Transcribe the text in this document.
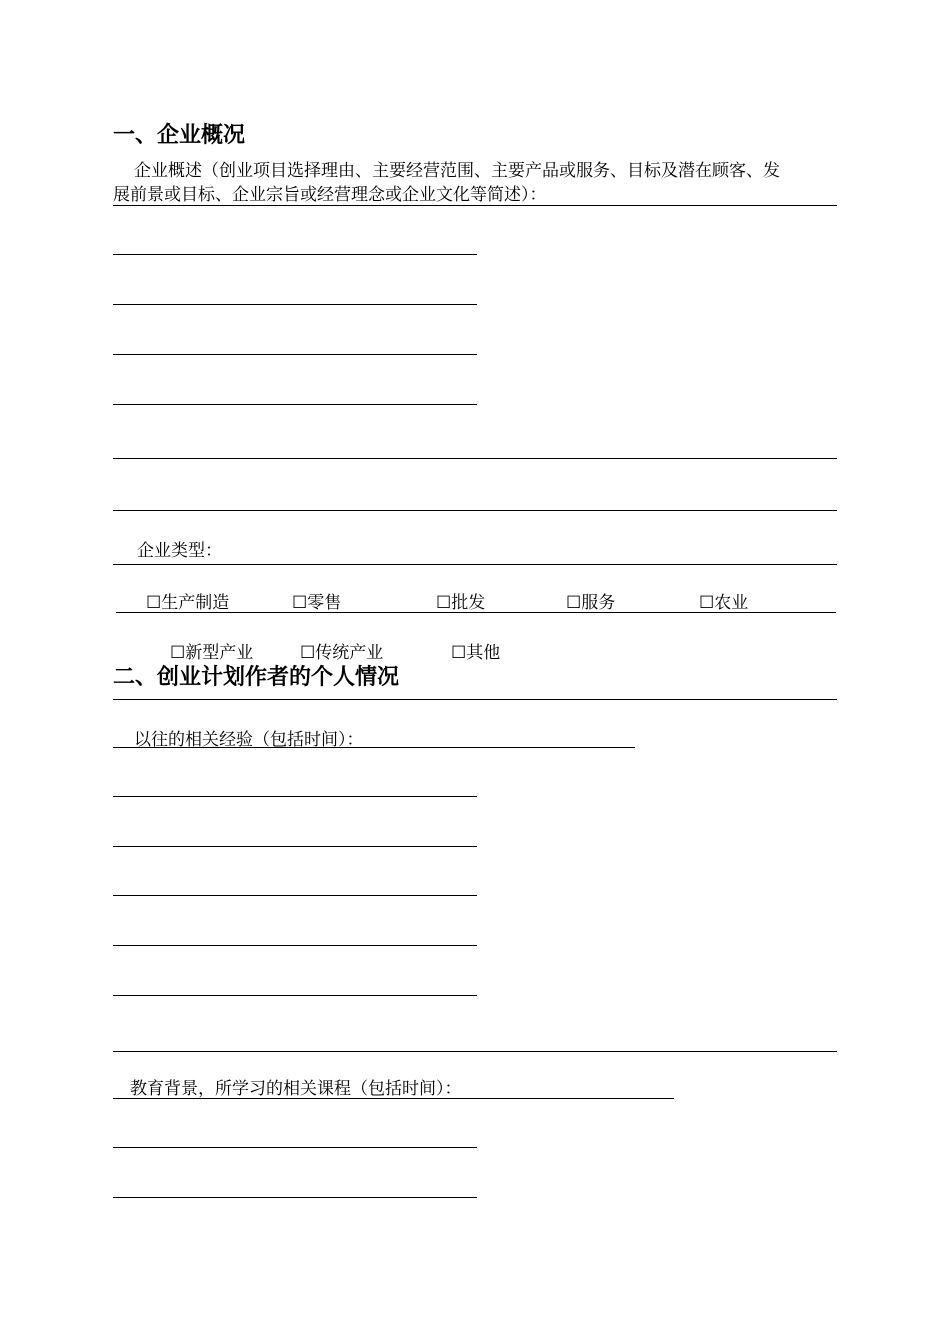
一、企业概况
企业概述（创业项目选择理由、主要经营范围、主要产品或服务、目标及潜在顾客、发
展前景或目标、企业宗旨或经营理念或企业文化等简述）：
企业类型：
☐生产制造	☐零售	☐批发	☐服务	☐农业
☐新型产业	☐传统产业	☐其他
二、创业计划作者的个人情况
以往的相关经验（包括时间）：
教育背景，所学习的相关课程（包括时间）：
